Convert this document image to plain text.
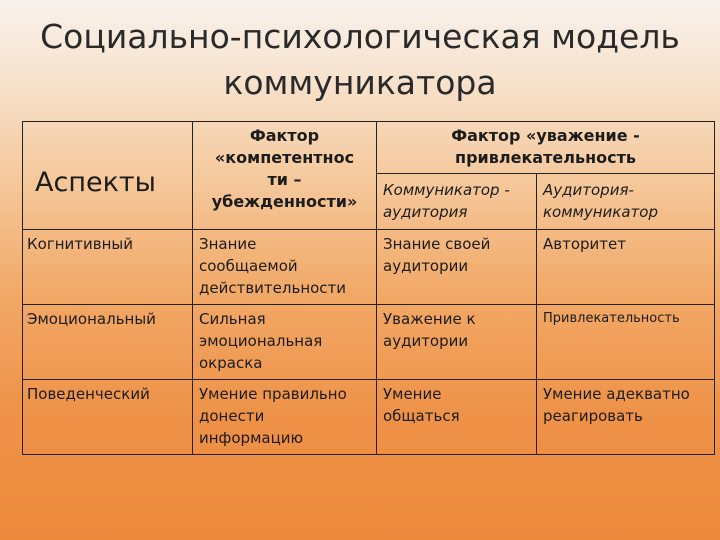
Социально-психологическая модель
коммуникатора
Аспекты	Фактор
«компетентнос
ти –
убежденности»	Фактор «уважение -
привлекательность	

		Коммуникатор -
аудитория	Аудитория-
коммуникатор

Когнитивный	Знание
сообщаемой
действительности	Знание своей
аудитории	Авторитет

Эмоциональный	Сильная
эмоциональная
окраска	Уважение к
аудитории	Привлекательность

Поведенческий	Умение правильно
донести
информацию	Умение
общаться	Умение адекватно
реагировать
